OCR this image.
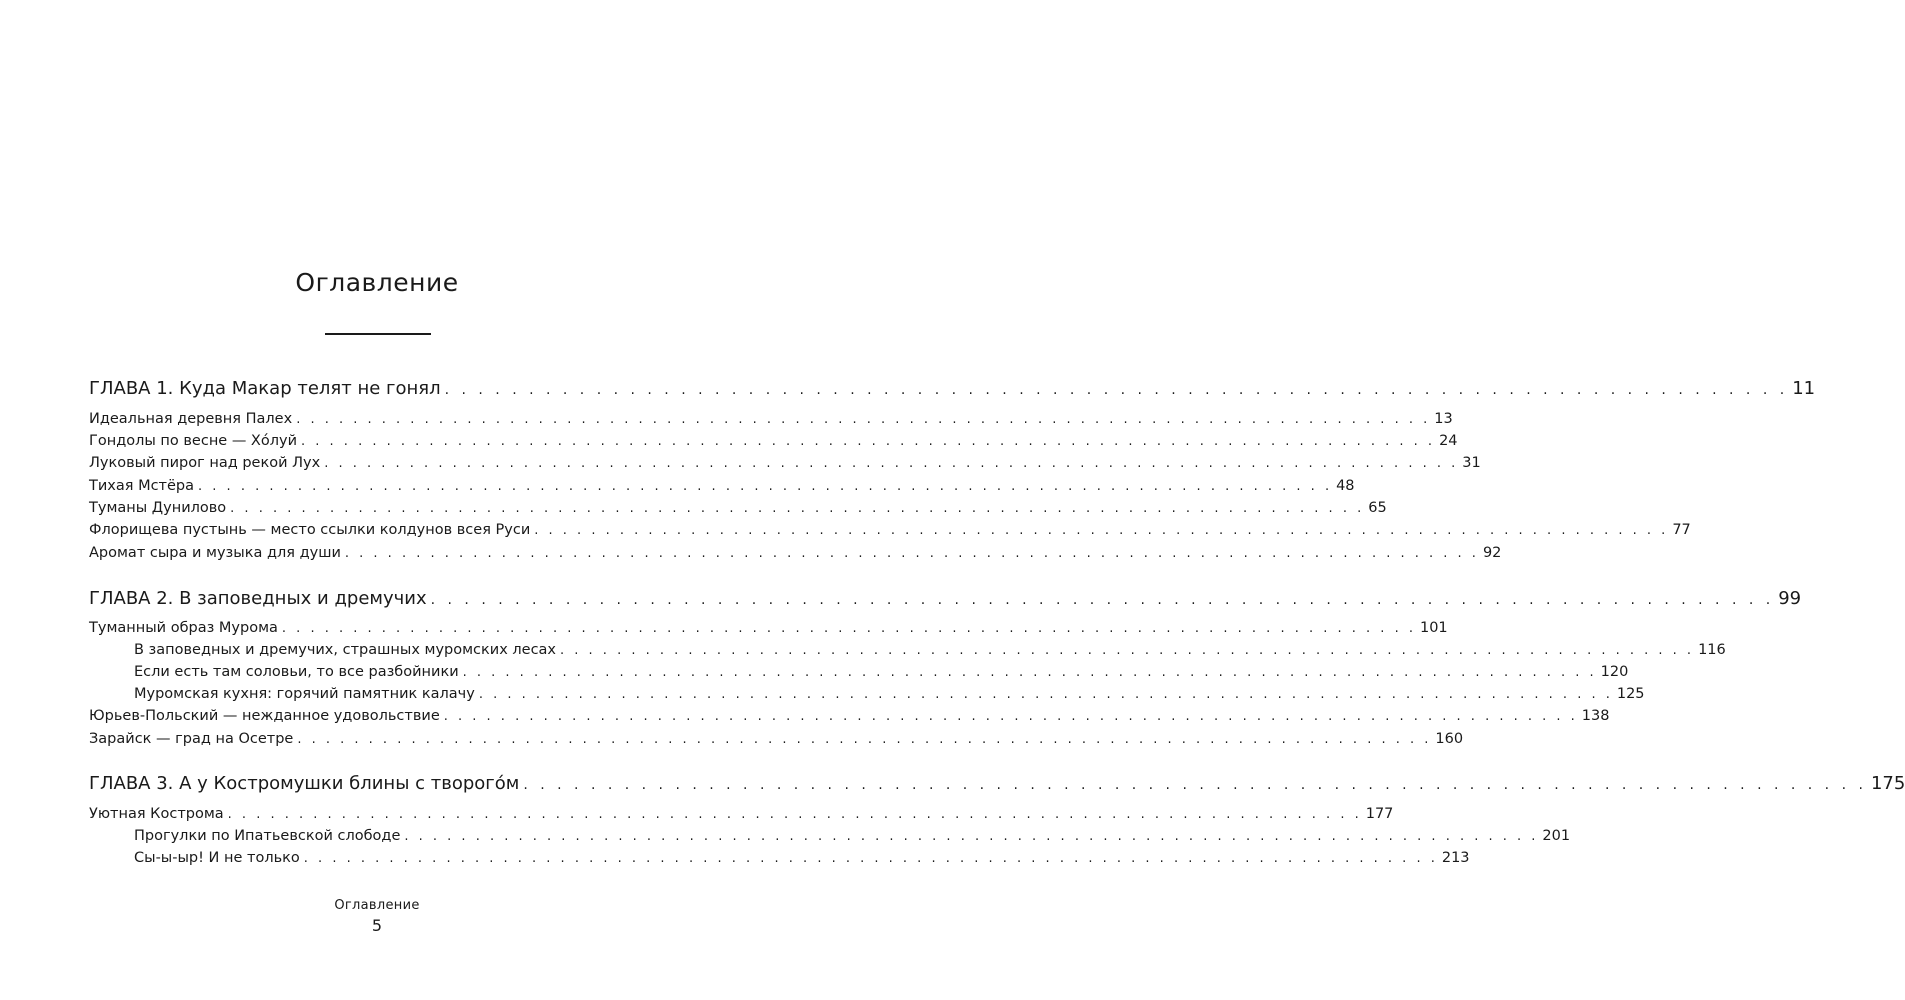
Оглавление
ГЛАВА 1. Куда Макар телят не гонял . . . . . . . . . . . . . . . . . . . . . . . . . . . . . . . . . . . . . . . . . . . . . . . . . . . . . . . . . . . . . . . . . . . . . . . . . . . . . . . . 11
Идеальная деревня Палех . . . . . . . . . . . . . . . . . . . . . . . . . . . . . . . . . . . . . . . . . . . . . . . . . . . . . . . . . . . . . . . . . . . . . . . . . . . . . . . . 13
Гондолы по весне — Хóлуй . . . . . . . . . . . . . . . . . . . . . . . . . . . . . . . . . . . . . . . . . . . . . . . . . . . . . . . . . . . . . . . . . . . . . . . . . . . . . . . . 24
Луковый пирог над рекой Лух . . . . . . . . . . . . . . . . . . . . . . . . . . . . . . . . . . . . . . . . . . . . . . . . . . . . . . . . . . . . . . . . . . . . . . . . . . . . . . . . 31
Тихая Мстёра . . . . . . . . . . . . . . . . . . . . . . . . . . . . . . . . . . . . . . . . . . . . . . . . . . . . . . . . . . . . . . . . . . . . . . . . . . . . . . . . 48
Туманы Дунилово . . . . . . . . . . . . . . . . . . . . . . . . . . . . . . . . . . . . . . . . . . . . . . . . . . . . . . . . . . . . . . . . . . . . . . . . . . . . . . . . 65
Флорищева пустынь — место ссылки колдунов всея Руси . . . . . . . . . . . . . . . . . . . . . . . . . . . . . . . . . . . . . . . . . . . . . . . . . . . . . . . . . . . . . . . . . . . . . . . . . . . . . . . . 77
Аромат сыра и музыка для души . . . . . . . . . . . . . . . . . . . . . . . . . . . . . . . . . . . . . . . . . . . . . . . . . . . . . . . . . . . . . . . . . . . . . . . . . . . . . . . . 92
ГЛАВА 2. В заповедных и дремучих . . . . . . . . . . . . . . . . . . . . . . . . . . . . . . . . . . . . . . . . . . . . . . . . . . . . . . . . . . . . . . . . . . . . . . . . . . . . . . . . 99
Туманный образ Мурома . . . . . . . . . . . . . . . . . . . . . . . . . . . . . . . . . . . . . . . . . . . . . . . . . . . . . . . . . . . . . . . . . . . . . . . . . . . . . . . . 101
В заповедных и дремучих, страшных муромских лесах . . . . . . . . . . . . . . . . . . . . . . . . . . . . . . . . . . . . . . . . . . . . . . . . . . . . . . . . . . . . . . . . . . . . . . . . . . . . . . . . 116
Если есть там соловьи, то все разбойники . . . . . . . . . . . . . . . . . . . . . . . . . . . . . . . . . . . . . . . . . . . . . . . . . . . . . . . . . . . . . . . . . . . . . . . . . . . . . . . . 120
Муромская кухня: горячий памятник калачу . . . . . . . . . . . . . . . . . . . . . . . . . . . . . . . . . . . . . . . . . . . . . . . . . . . . . . . . . . . . . . . . . . . . . . . . . . . . . . . . 125
Юрьев-Польский — нежданное удовольствие . . . . . . . . . . . . . . . . . . . . . . . . . . . . . . . . . . . . . . . . . . . . . . . . . . . . . . . . . . . . . . . . . . . . . . . . . . . . . . . . 138
Зарайск — град на Осетре . . . . . . . . . . . . . . . . . . . . . . . . . . . . . . . . . . . . . . . . . . . . . . . . . . . . . . . . . . . . . . . . . . . . . . . . . . . . . . . . 160
ГЛАВА 3. А у Костромушки блины с творогóм . . . . . . . . . . . . . . . . . . . . . . . . . . . . . . . . . . . . . . . . . . . . . . . . . . . . . . . . . . . . . . . . . . . . . . . . . . . . . . . . 175
Уютная Кострома . . . . . . . . . . . . . . . . . . . . . . . . . . . . . . . . . . . . . . . . . . . . . . . . . . . . . . . . . . . . . . . . . . . . . . . . . . . . . . . . 177
Прогулки по Ипатьевской слободе . . . . . . . . . . . . . . . . . . . . . . . . . . . . . . . . . . . . . . . . . . . . . . . . . . . . . . . . . . . . . . . . . . . . . . . . . . . . . . . . 201
Сы-ы-ыр! И не только . . . . . . . . . . . . . . . . . . . . . . . . . . . . . . . . . . . . . . . . . . . . . . . . . . . . . . . . . . . . . . . . . . . . . . . . . . . . . . . . 213
Оглавление
5
